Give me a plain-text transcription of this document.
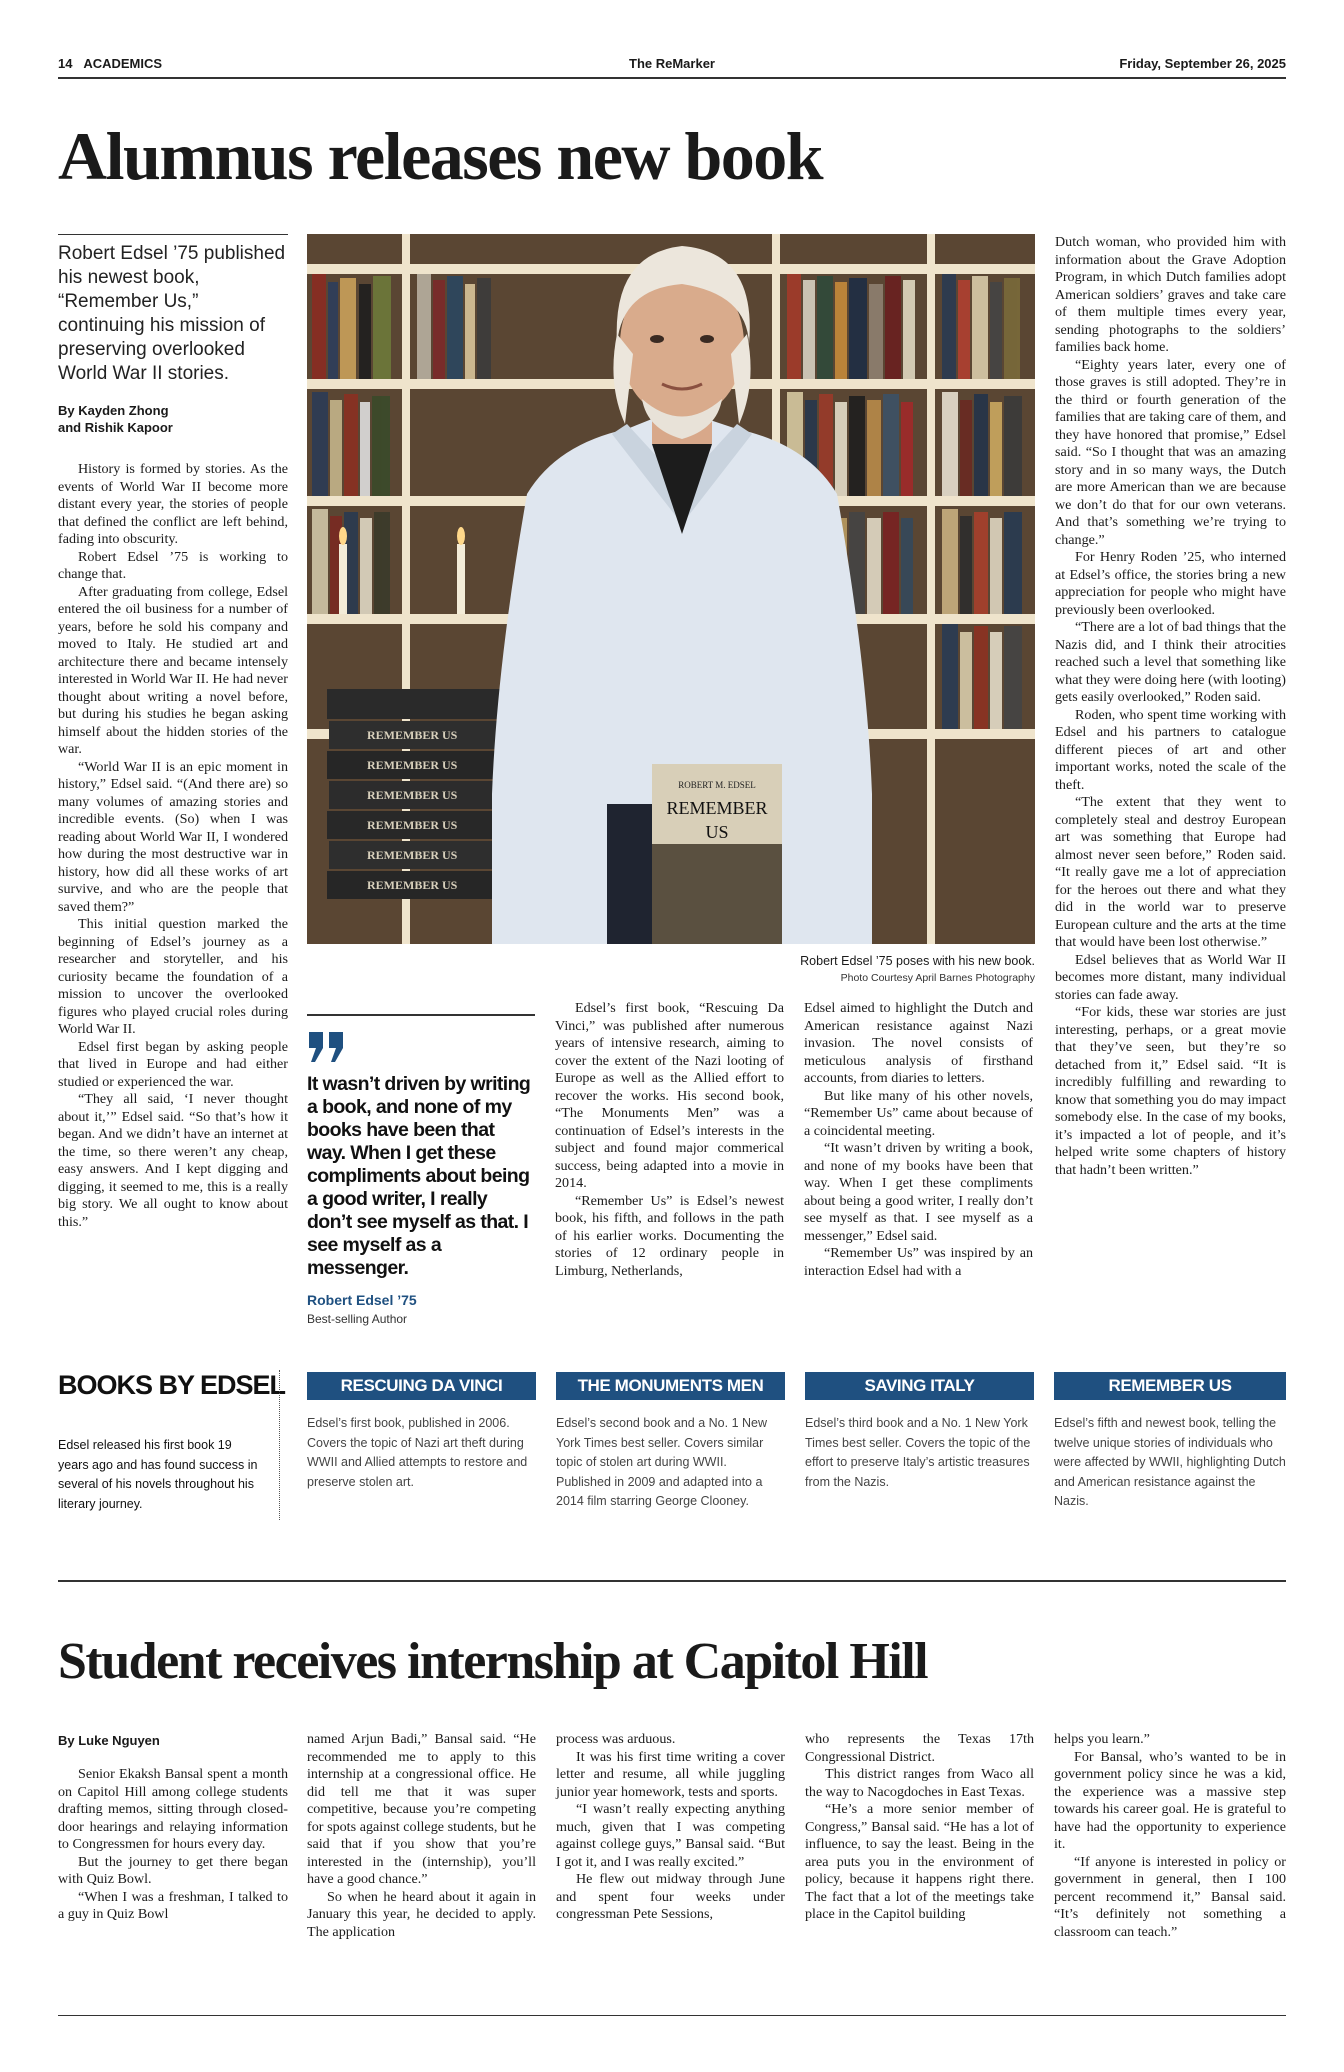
14 ACADEMICS	The ReMarker	Friday, September 26, 2025
Alumnus releases new book
Robert Edsel ’75 published his newest book, “Remember Us,” continuing his mission of preserving overlooked World War II stories.
By Kayden Zhong
and Rishik Kapoor

History is formed by stories. As the events of World War II become more distant every year, the stories of people that defined the conflict are left behind, fading into obscurity.

Robert Edsel ’75 is working to change that.

After graduating from college, Edsel entered the oil business for a number of years, before he sold his company and moved to Italy. He studied art and architecture there and became intensely interested in World War II. He had never thought about writing a novel before, but during his studies he began asking himself about the hidden stories of the war.

“World War II is an epic moment in history,” Edsel said. “(And there are) so many volumes of amazing stories and incredible events. (So) when I was reading about World War II, I wondered how during the most destructive war in history, how did all these works of art survive, and who are the people that saved them?”

This initial question marked the beginning of Edsel’s journey as a researcher and storyteller, and his curiosity became the foundation of a mission to uncover the overlooked figures who played crucial roles during World War II.

Edsel first began by asking people that lived in Europe and had either studied or experienced the war.

“They all said, ‘I never thought about it,’” Edsel said. “So that’s how it began. And we didn’t have an internet at the time, so there weren’t any cheap, easy answers. And I kept digging and digging, it seemed to me, this is a really big story. We all ought to know about this.”

REMEMBER US
REMEMBER US
REMEMBER US
REMEMBER US
REMEMBER US
REMEMBER US
ROBERT M. EDSEL
REMEMBER
US
Robert Edsel ’75 poses with his new book.
Photo Courtesy April Barnes Photography
It wasn’t driven by writing a book, and none of my books have been that way. When I get these compliments about being a good writer, I really don’t see myself as that. I see myself as a messenger.
Robert Edsel ’75
Best-selling Author

Edsel’s first book, “Rescuing Da Vinci,” was published after numerous years of intensive research, aiming to cover the extent of the Nazi looting of Europe as well as the Allied effort to recover the works. His second book, “The Monuments Men” was a continuation of Edsel’s interests in the subject and found major commerical success, being adapted into a movie in 2014.

“Remember Us” is Edsel’s newest book, his fifth, and follows in the path of his earlier works. Documenting the stories of 12 ordinary people in Limburg, Netherlands,

Edsel aimed to highlight the Dutch and American resistance against Nazi invasion. The novel consists of meticulous analysis of firsthand accounts, from diaries to letters.

But like many of his other novels, “Remember Us” came about because of a coincidental meeting.

“It wasn’t driven by writing a book, and none of my books have been that way. When I get these compliments about being a good writer, I really don’t see myself as that. I see myself as a messenger,” Edsel said.

“Remember Us” was inspired by an interaction Edsel had with a

Dutch woman, who provided him with information about the Grave Adoption Program, in which Dutch families adopt American soldiers’ graves and take care of them multiple times every year, sending photographs to the soldiers’ families back home.

“Eighty years later, every one of those graves is still adopted. They’re in the third or fourth generation of the families that are taking care of them, and they have honored that promise,” Edsel said. “So I thought that was an amazing story and in so many ways, the Dutch are more American than we are because we don’t do that for our own veterans. And that’s something we’re trying to change.”

For Henry Roden ’25, who interned at Edsel’s office, the stories bring a new appreciation for people who might have previously been overlooked.

“There are a lot of bad things that the Nazis did, and I think their atrocities reached such a level that something like what they were doing here (with looting) gets easily overlooked,” Roden said.

Roden, who spent time working with Edsel and his partners to catalogue different pieces of art and other important works, noted the scale of the theft.

“The extent that they went to completely steal and destroy European art was something that Europe had almost never seen before,” Roden said. “It really gave me a lot of appreciation for the heroes out there and what they did in the world war to preserve European culture and the arts at the time that would have been lost otherwise.”

Edsel believes that as World War II becomes more distant, many individual stories can fade away.

“For kids, these war stories are just interesting, perhaps, or a great movie that they’ve seen, but they’re so detached from it,” Edsel said. “It is incredibly fulfilling and rewarding to know that something you do may impact somebody else. In the case of my books, it’s impacted a lot of people, and it’s helped write some chapters of history that hadn’t been written.”

BOOKS BY EDSEL
Edsel released his first book 19 years ago and has found success in several of his novels throughout his literary journey.
RESCUING DA VINCI	THE MONUMENTS MEN	SAVING ITALY	REMEMBER US
Edsel’s first book, published in 2006. Covers the topic of Nazi art theft during WWII and Allied attempts to restore and preserve stolen art.
Edsel’s second book and a No. 1 New York Times best seller. Covers similar topic of stolen art during WWII. Published in 2009 and adapted into a 2014 film starring George Clooney.
Edsel’s third book and a No. 1 New York Times best seller. Covers the topic of the effort to preserve Italy’s artistic treasures from the Nazis.
Edsel’s fifth and newest book, telling the twelve unique stories of individuals who were affected by WWII, highlighting Dutch and American resistance against the Nazis.
Student receives internship at Capitol Hill
By Luke Nguyen

Senior Ekaksh Bansal spent a month on Capitol Hill among college students drafting memos, sitting through closed-door hearings and relaying information to Congressmen for hours every day.

But the journey to get there began with Quiz Bowl.

“When I was a freshman, I talked to a guy in Quiz Bowl

named Arjun Badi,” Bansal said. “He recommended me to apply to this internship at a congressional office. He did tell me that it was super competitive, because you’re competing for spots against college students, but he said that if you show that you’re interested in the (internship), you’ll have a good chance.”

So when he heard about it again in January this year, he decided to apply. The application

process was arduous.

It was his first time writing a cover letter and resume, all while juggling junior year homework, tests and sports.

“I wasn’t really expecting anything much, given that I was competing against college guys,” Bansal said. “But I got it, and I was really excited.”

He flew out midway through June and spent four weeks under congressman Pete Sessions,

who represents the Texas 17th Congressional District.

This district ranges from Waco all the way to Nacogdoches in East Texas.

“He’s a more senior member of Congress,” Bansal said. “He has a lot of influence, to say the least. Being in the area puts you in the environment of policy, because it happens right there. The fact that a lot of the meetings take place in the Capitol building

helps you learn.”

For Bansal, who’s wanted to be in government policy since he was a kid, the experience was a massive step towards his career goal. He is grateful to have had the opportunity to experience it.

“If anyone is interested in policy or government in general, then I 100 percent recommend it,” Bansal said. “It’s definitely not something a classroom can teach.”
